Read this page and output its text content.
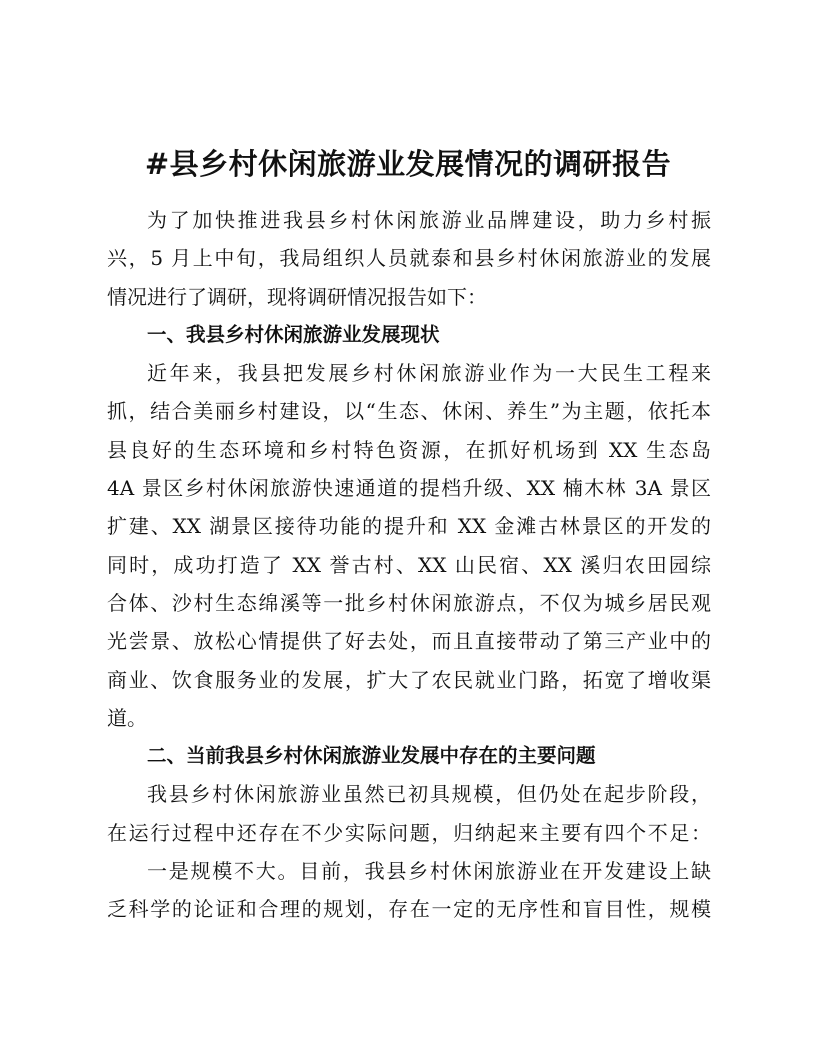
#县乡村休闲旅游业发展情况的调研报告
为了加快推进我县乡村休闲旅游业品牌建设，助力乡村振
兴，5 月上中旬，我局组织人员就泰和县乡村休闲旅游业的发展
情况进行了调研，现将调研情况报告如下：
一、我县乡村休闲旅游业发展现状
近年来，我县把发展乡村休闲旅游业作为一大民生工程来
抓，结合美丽乡村建设，以“生态、休闲、养生”为主题，依托本
县良好的生态环境和乡村特色资源，在抓好机场到 XX 生态岛
4A 景区乡村休闲旅游快速通道的提档升级、XX 楠木林 3A 景区
扩建、XX 湖景区接待功能的提升和 XX 金滩古林景区的开发的
同时，成功打造了 XX 誉古村、XX 山民宿、XX 溪归农田园综
合体、沙村生态绵溪等一批乡村休闲旅游点，不仅为城乡居民观
光尝景、放松心情提供了好去处，而且直接带动了第三产业中的
商业、饮食服务业的发展，扩大了农民就业门路，拓宽了增收渠
道。
二、当前我县乡村休闲旅游业发展中存在的主要问题
我县乡村休闲旅游业虽然已初具规模，但仍处在起步阶段，
在运行过程中还存在不少实际问题，归纳起来主要有四个不足：
一是规模不大。目前，我县乡村休闲旅游业在开发建设上缺
乏科学的论证和合理的规划，存在一定的无序性和盲目性，规模
